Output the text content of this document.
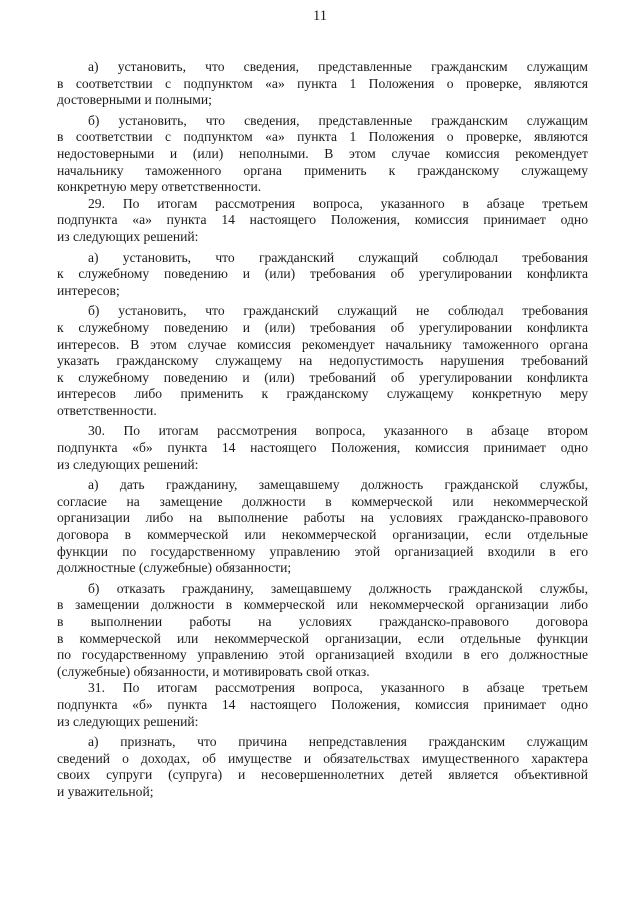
11
а) установить, что сведения, представленные гражданским служащим
в соответствии с подпунктом «а» пункта 1 Положения о проверке, являются
достоверными и полными;
б) установить, что сведения, представленные гражданским служащим
в соответствии с подпунктом «а» пункта 1 Положения о проверке, являются
недостоверными и (или) неполными. В этом случае комиссия рекомендует
начальнику таможенного органа применить к гражданскому служащему
конкретную меру ответственности.
29. По итогам рассмотрения вопроса, указанного в абзаце третьем
подпункта «а» пункта 14 настоящего Положения, комиссия принимает одно
из следующих решений:
а) установить, что гражданский служащий соблюдал требования
к служебному поведению и (или) требования об урегулировании конфликта
интересов;
б) установить, что гражданский служащий не соблюдал требования
к служебному поведению и (или) требования об урегулировании конфликта
интересов. В этом случае комиссия рекомендует начальнику таможенного органа
указать гражданскому служащему на недопустимость нарушения требований
к служебному поведению и (или) требований об урегулировании конфликта
интересов либо применить к гражданскому служащему конкретную меру
ответственности.
30. По итогам рассмотрения вопроса, указанного в абзаце втором
подпункта «б» пункта 14 настоящего Положения, комиссия принимает одно
из следующих решений:
а) дать гражданину, замещавшему должность гражданской службы,
согласие на замещение должности в коммерческой или некоммерческой
организации либо на выполнение работы на условиях гражданско-правового
договора в коммерческой или некоммерческой организации, если отдельные
функции по государственному управлению этой организацией входили в его
должностные (служебные) обязанности;
б) отказать гражданину, замещавшему должность гражданской службы,
в замещении должности в коммерческой или некоммерческой организации либо
в выполнении работы на условиях гражданско-правового договора
в коммерческой или некоммерческой организации, если отдельные функции
по государственному управлению этой организацией входили в его должностные
(служебные) обязанности, и мотивировать свой отказ.
31. По итогам рассмотрения вопроса, указанного в абзаце третьем
подпункта «б» пункта 14 настоящего Положения, комиссия принимает одно
из следующих решений:
а) признать, что причина непредставления гражданским служащим
сведений о доходах, об имуществе и обязательствах имущественного характера
своих супруги (супруга) и несовершеннолетних детей является объективной
и уважительной;
